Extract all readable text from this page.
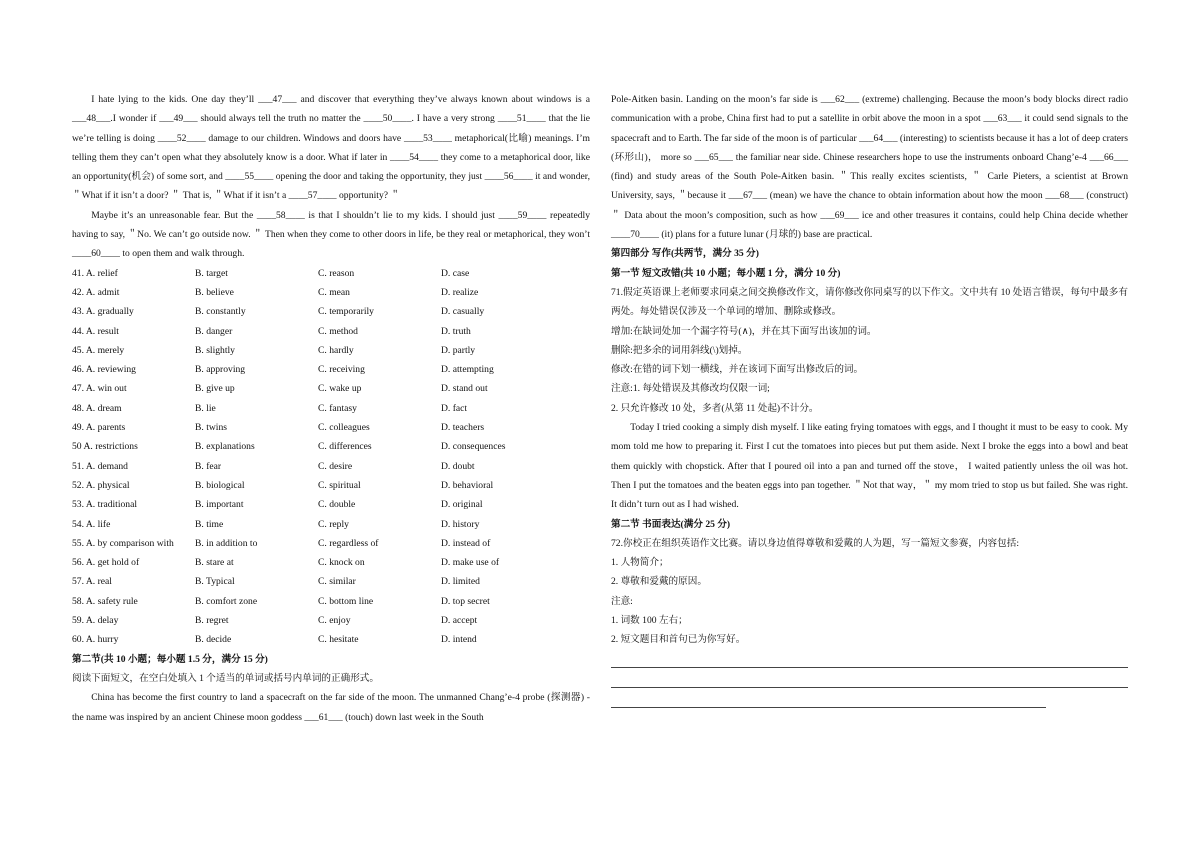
I hate lying to the kids. One day they’ll ___47___ and discover that everything they’ve always known about windows is a ___48___.I wonder if ___49___ should always tell the truth no matter the ____50____. I have a very strong ____51____ that the lie we’re telling is doing ____52____ damage to our children. Windows and doors have ____53____ metaphorical(比喻) meanings. I’m telling them they can’t open what they absolutely know is a door. What if later in ____54____ they come to a metaphorical door, like an opportunity(机会) of some sort, and ____55____ opening the door and taking the opportunity, they just ____56____ it and wonder, ＂What if it isn’t a door? ＂ That is, ＂What if it isn’t a ____57____ opportunity? ＂
Maybe it’s an unreasonable fear. But the ____58____ is that I shouldn’t lie to my kids. I should just ____59____ repeatedly having to say, ＂No. We can’t go outside now. ＂ Then when they come to other doors in life, be they real or metaphorical, they won’t ____60____ to open them and walk through.
41. A. relief	B. target	C. reason	D. case
42. A. admit	B. believe	C. mean	D. realize
43. A. gradually	B. constantly	C. temporarily	D. casually
44. A. result	B. danger	C. method	D. truth
45. A. merely	B. slightly	C. hardly	D. partly
46. A. reviewing	B. approving	C. receiving	D. attempting
47. A. win out	B. give up	C. wake up	D. stand out
48. A. dream	B. lie	C. fantasy	D. fact
49. A. parents	B. twins	C. colleagues	D. teachers
50 A. restrictions	B. explanations	C. differences	D. consequences
51. A. demand	B. fear	C. desire	D. doubt
52. A. physical	B. biological	C. spiritual	D. behavioral
53. A. traditional	B. important	C. double	D. original
54. A. life	B. time	C. reply	D. history
55. A. by comparison with	B. in addition to	C. regardless of	D. instead of
56. A. get hold of	B. stare at	C. knock on	D. make use of
57. A. real	B. Typical	C. similar	D. limited
58. A. safety rule	B. comfort zone	C. bottom line	D. top secret
59. A. delay	B. regret	C. enjoy	D. accept
60. A. hurry	B. decide	C. hesitate	D. intend
第二节(共 10 小题；每小题 1.5 分，满分 15 分)
阅读下面短文，在空白处填入 1 个适当的单词或括号内单词的正确形式。
China has become the first country to land a spacecraft on the far side of the moon. The unmanned Chang’e-4 probe (探测器) - the name was inspired by an ancient Chinese moon goddess ___61___ (touch) down last week in the South
Pole-Aitken basin. Landing on the moon’s far side is ___62___ (extreme) challenging. Because the moon’s body blocks direct radio communication with a probe, China first had to put a satellite in orbit above the moon in a spot ___63___ it could send signals to the spacecraft and to Earth. The far side of the moon is of particular ___64___ (interesting) to scientists because it has a lot of deep craters (环形山)， more so ___65___ the familiar near side. Chinese researchers hope to use the instruments onboard Chang’e-4 ___66___ (find) and study areas of the South Pole-Aitken basin. ＂This really excites scientists, ＂ Carle Pieters, a scientist at Brown University, says, ＂because it ___67___ (mean) we have the chance to obtain information about how the moon ___68___ (construct) ＂ Data about the moon’s composition, such as how ___69___ ice and other treasures it contains, could help China decide whether ____70____ (it) plans for a future lunar (月球的) base are practical.
第四部分 写作(共两节，满分 35 分)
第一节 短文改错(共 10 小题；每小题 1 分，满分 10 分)
71.假定英语课上老师要求同桌之间交换修改作文，请你修改你同桌写的以下作文。文中共有 10 处语言错误，每句中最多有两处。每处错误仅涉及一个单词的增加、删除或修改。
增加:在缺词处加一个漏字符号(∧)，并在其下面写出该加的词。
删除:把多余的词用斜线(\)划掉。
修改:在错的词下划一横线，并在该词下面写出修改后的词。
注意:1. 每处错误及其修改均仅限一词;
2. 只允许修改 10 处，多者(从第 11 处起)不计分。
Today I tried cooking a simply dish myself. I like eating frying tomatoes with eggs, and I thought it must to be easy to cook. My mom told me how to preparing it. First I cut the tomatoes into pieces but put them aside. Next I broke the eggs into a bowl and beat them quickly with chopstick. After that I poured oil into a pan and turned off the stove， I waited patiently unless the oil was hot. Then I put the tomatoes and the beaten eggs into pan together. ＂Not that way，＂ my mom tried to stop us but failed. She was right. It didn’t turn out as I had wished.
第二节 书面表达(满分 25 分)
72.你校正在组织英语作文比赛。请以身边值得尊敬和爱戴的人为题，写一篇短文参赛，内容包括:
1. 人物简介；
2. 尊敬和爱戴的原因。
注意:
1. 词数 100 左右；
2. 短文题目和首句已为你写好。
